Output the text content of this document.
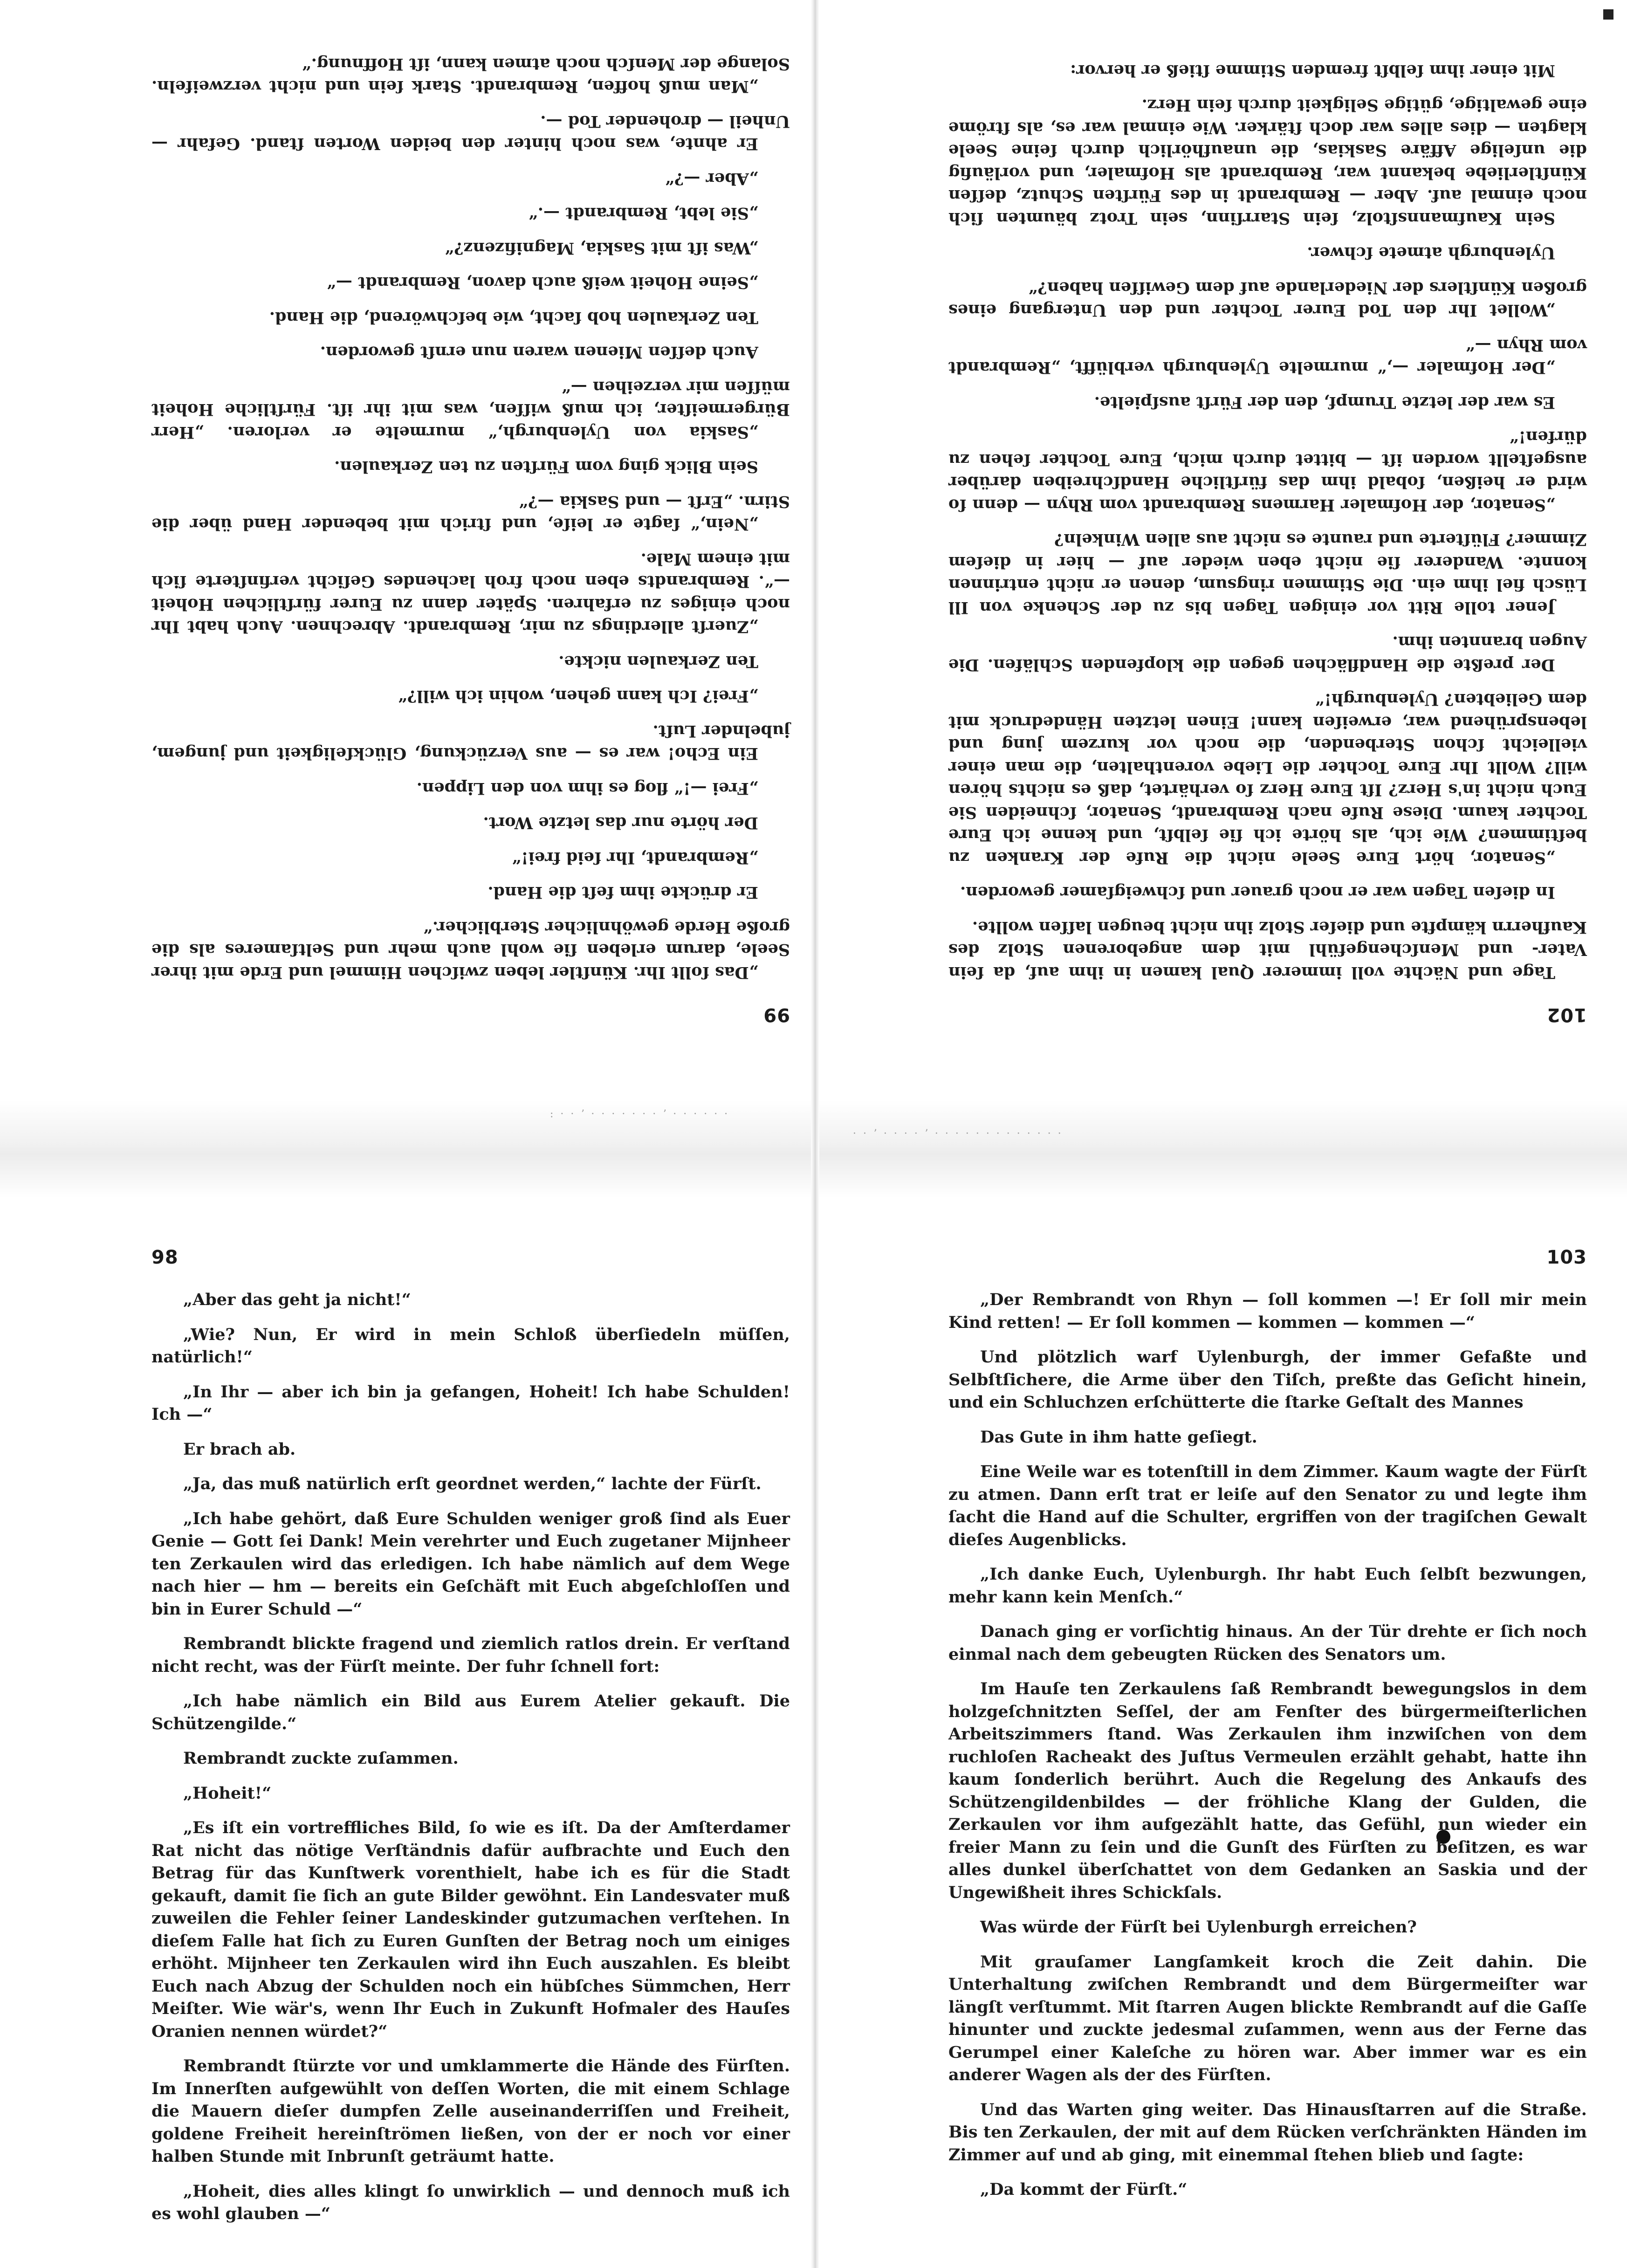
: · · ʼ · · · · · · · ʼ · · · · · ·
· · ʼ · · · · ʼ · · · · · · · · · · · · ·
99

„Das ſollt Ihr. Künſtler leben zwiſchen Himmel und Erde mit ihrer Seele, darum erleben ſie wohl auch mehr und Seltſameres als die große Herde gewöhnlicher Sterblicher.“

Er drückte ihm feſt die Hand.

„Rembrandt, Ihr ſeid frei!“

Der hörte nur das letzte Wort.

„Frei —!“ flog es ihm von den Lippen.

Ein Echo! war es — aus Verzückung, Glückſeligkeit und jungem, jubelnder Luſt.

„Frei? Ich kann gehen, wohin ich will?“

Ten Zerkaulen nickte.

„Zuerſt allerdings zu mir, Rembrandt. Abrechnen. Auch habt Ihr noch einiges zu erfahren. Später dann zu Eurer fürſtlichen Hoheit —“. Rembrandts eben noch froh lachendes Geſicht verfinſterte ſich mit einem Male.

„Nein,“ ſagte er leiſe, und ſtrich mit bebender Hand über die Stirn. „Erſt — und Saskia —?“

Sein Blick ging vom Fürſten zu ten Zerkaulen.

„Saskia von Uylenburgh,“ murmelte er verloren. „Herr Bürgermeiſter, ich muß wiſſen, was mit ihr iſt. Fürſtliche Hoheit müſſen mir verzeihen —“

Auch deſſen Mienen waren nun ernſt geworden.

Ten Zerkaulen hob ſacht, wie beſchwörend, die Hand.

„Seine Hoheit weiß auch davon, Rembrandt —“

„Was iſt mit Saskia, Magnifizenz?“

„Sie lebt, Rembrandt —.“

„Aber —?“

Er ahnte, was noch hinter den beiden Worten ſtand. Gefahr — Unheil — drohender Tod —.

„Man muß hoffen, Rembrandt. Stark ſein und nicht verzweifeln. Solange der Menſch noch atmen kann, iſt Hoffnung.“

102

Tage und Nächte voll immerer Qual kamen in ihm auf, da ſein Vater- und Menſchengefühl mit dem angeborenen Stolz des Kaufherrn kämpfte und dieſer Stolz ihn nicht beugen laſſen wollte.

In dieſen Tagen war er noch grauer und ſchweigſamer geworden.

„Senator, hört Eure Seele nicht die Rufe der Kranken zu beſtimmen? Wie ich, als hörte ich ſie ſelbſt, und kenne ich Eure Tochter kaum. Diese Rufe nach Rembrandt, Senator, ſchneiden Sie Euch nicht in's Herz? Iſt Eure Herz ſo verhärtet, daß es nichts hören will? Wollt Ihr Eure Tochter die Liebe vorenthalten, die man einer vielleicht ſchon Sterbenden, die noch vor kurzem jung und lebensprühend war, erweiſen kann! Einen letzten Händedruck mit dem Geliebten? Uylenburgh!“

Der preßte die Handflächen gegen die klopfenden Schläfen. Die Augen brannten ihm.

Jener tolle Ritt vor einigen Tagen bis zu der Schenke von Ill Lüsch fiel ihm ein. Die Stimmen ringsum, denen er nicht entrinnen konnte. Wanderer ſie nicht eben wieder auf — hier in dieſem Zimmer? Flüſterte und raunte es nicht aus allen Winkeln?

„Senator, der Hofmaler Harmens Rembrandt vom Rhyn — denn ſo wird er heißen, ſobald ihm das fürſtliche Handſchreiben darüber ausgeſtellt worden iſt — bittet durch mich, Eure Tochter ſehen zu dürfen!“

Es war der letzte Trumpf, den der Fürſt ausſpielte.

„Der Hofmaler —,“ murmelte Uylenburgh verblüfft, „Rembrandt vom Rhyn —“

„Wollet Ihr den Tod Eurer Tochter und den Untergang eines großen Künſtlers der Niederlande auf dem Gewiſſen haben?“

Uylenburgh atmete ſchwer.

Sein Kaufmannsſtolz, ſein Starrſinn, sein Trotz bäumten ſich noch einmal auf. Aber — Rembrandt in des Fürſten Schutz, deſſen Künſtlerliebe bekannt war, Rembrandt als Hofmaler, und vorläufig die unſelige Affäre Saskias, die unaufhörlich durch ſeine Seele klagten — dies alles war doch ſtärker. Wie einmal war es, als ſtröme eine gewaltige, gütige Seligkeit durch ſein Herz.

Mit einer ihm ſelbſt fremden Stimme ſtieß er hervor:

98

„Aber das geht ja nicht!“

„Wie? Nun, Er wird in mein Schloß überſiedeln müſſen, natürlich!“

„In Ihr — aber ich bin ja gefangen, Hoheit! Ich habe Schulden! Ich —“

Er brach ab.

„Ja, das muß natürlich erſt geordnet werden,“ lachte der Fürſt.

„Ich habe gehört, daß Eure Schulden weniger groß ſind als Euer Genie — Gott ſei Dank! Mein verehrter und Euch zugetaner Mijnheer ten Zerkaulen wird das erledigen. Ich habe nämlich auf dem Wege nach hier — hm — bereits ein Geſchäft mit Euch abgeſchloſſen und bin in Eurer Schuld —“

Rembrandt blickte fragend und ziemlich ratlos drein. Er verſtand nicht recht, was der Fürſt meinte. Der fuhr ſchnell fort:

„Ich habe nämlich ein Bild aus Eurem Atelier gekauft. Die Schützengilde.“

Rembrandt zuckte zuſammen.

„Hoheit!“

„Es iſt ein vortreffliches Bild, ſo wie es iſt. Da der Amſterdamer Rat nicht das nötige Verſtändnis dafür aufbrachte und Euch den Betrag für das Kunſtwerk vorenthielt, habe ich es für die Stadt gekauft, damit ſie ſich an gute Bilder gewöhnt. Ein Landesvater muß zuweilen die Fehler ſeiner Landeskinder gutzumachen verſtehen. In dieſem Falle hat ſich zu Euren Gunſten der Betrag noch um einiges erhöht. Mijnheer ten Zerkaulen wird ihn Euch auszahlen. Es bleibt Euch nach Abzug der Schulden noch ein hübſches Sümmchen, Herr Meiſter. Wie wär's, wenn Ihr Euch in Zukunft Hofmaler des Hauſes Oranien nennen würdet?“

Rembrandt ſtürzte vor und umklammerte die Hände des Fürſten. Im Innerſten aufgewühlt von deſſen Worten, die mit einem Schlage die Mauern dieſer dumpfen Zelle auseinanderriſſen und Freiheit, goldene Freiheit hereinſtrömen ließen, von der er noch vor einer halben Stunde mit Inbrunſt geträumt hatte.

„Hoheit, dies alles klingt ſo unwirklich — und dennoch muß ich es wohl glauben —“

103

„Der Rembrandt von Rhyn — ſoll kommen —! Er ſoll mir mein Kind retten! — Er ſoll kommen — kommen — kommen —“

Und plötzlich warf Uylenburgh, der immer Gefaßte und Selbſtſichere, die Arme über den Tiſch, preßte das Geſicht hinein, und ein Schluchzen erſchütterte die ſtarke Geſtalt des Mannes

Das Gute in ihm hatte geſiegt.

Eine Weile war es totenſtill in dem Zimmer. Kaum wagte der Fürſt zu atmen. Dann erſt trat er leiſe auf den Senator zu und legte ihm ſacht die Hand auf die Schulter, ergriffen von der tragiſchen Gewalt dieſes Augenblicks.

„Ich danke Euch, Uylenburgh. Ihr habt Euch ſelbſt bezwungen, mehr kann kein Menſch.“

Danach ging er vorſichtig hinaus. An der Tür drehte er ſich noch einmal nach dem gebeugten Rücken des Senators um.

Im Hauſe ten Zerkaulens ſaß Rembrandt bewegungslos in dem holzgeſchnitzten Seſſel, der am Fenſter des bürgermeiſterlichen Arbeitszimmers ſtand. Was Zerkaulen ihm inzwiſchen von dem ruchloſen Racheakt des Juſtus Vermeulen erzählt gehabt, hatte ihn kaum ſonderlich berührt. Auch die Regelung des Ankaufs des Schützengildenbildes — der fröhliche Klang der Gulden, die Zerkaulen vor ihm aufgezählt hatte, das Gefühl, nun wieder ein freier Mann zu ſein und die Gunſt des Fürſten zu beſitzen, es war alles dunkel überſchattet von dem Gedanken an Saskia und der Ungewißheit ihres Schickſals.

Was würde der Fürſt bei Uylenburgh erreichen?

Mit grauſamer Langſamkeit kroch die Zeit dahin. Die Unterhaltung zwiſchen Rembrandt und dem Bürgermeiſter war längſt verſtummt. Mit ſtarren Augen blickte Rembrandt auf die Gaſſe hinunter und zuckte jedesmal zuſammen, wenn aus der Ferne das Gerumpel einer Kaleſche zu hören war. Aber immer war es ein anderer Wagen als der des Fürſten.

Und das Warten ging weiter. Das Hinausſtarren auf die Straße. Bis ten Zerkaulen, der mit auf dem Rücken verſchränkten Händen im Zimmer auf und ab ging, mit einemmal ſtehen blieb und ſagte:

„Da kommt der Fürſt.“
